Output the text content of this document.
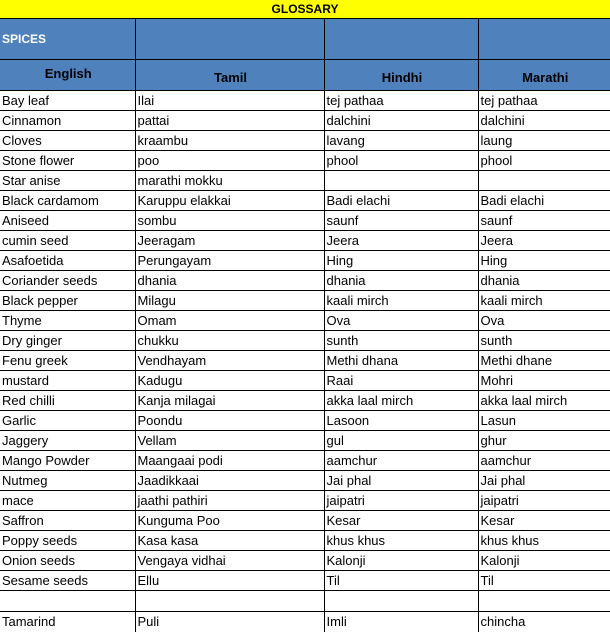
GLOSSARY
SPICES			
English	Tamil	Hindhi	Marathi
Bay leaf	Ilai	tej pathaa	tej pathaa
Cinnamon	pattai	dalchini	dalchini
Cloves	kraambu	lavang	laung
Stone flower	poo	phool	phool
Star anise	marathi mokku		
Black cardamom	Karuppu elakkai	Badi elachi	Badi elachi
Aniseed	sombu	saunf	saunf
cumin seed	Jeeragam	Jeera	Jeera
Asafoetida	Perungayam	Hing	Hing
Coriander seeds	dhania	dhania	dhania
Black pepper	Milagu	kaali mirch	kaali mirch
Thyme	Omam	Ova	Ova
Dry ginger	chukku	sunth	sunth
Fenu greek	Vendhayam	Methi dhana	Methi dhane
mustard	Kadugu	Raai	Mohri
Red chilli	Kanja milagai	akka laal mirch	akka laal mirch
Garlic	Poondu	Lasoon	Lasun
Jaggery	Vellam	gul	ghur
Mango Powder	Maangaai podi	aamchur	aamchur
Nutmeg	Jaadikkaai	Jai phal	Jai phal
mace	jaathi pathiri	jaipatri	jaipatri
Saffron	Kunguma Poo	Kesar	Kesar
Poppy seeds	Kasa kasa	khus khus	khus khus
Onion seeds	Vengaya vidhai	Kalonji	Kalonji
Sesame seeds	Ellu	Til	Til

Tamarind	Puli	Imli	chincha
